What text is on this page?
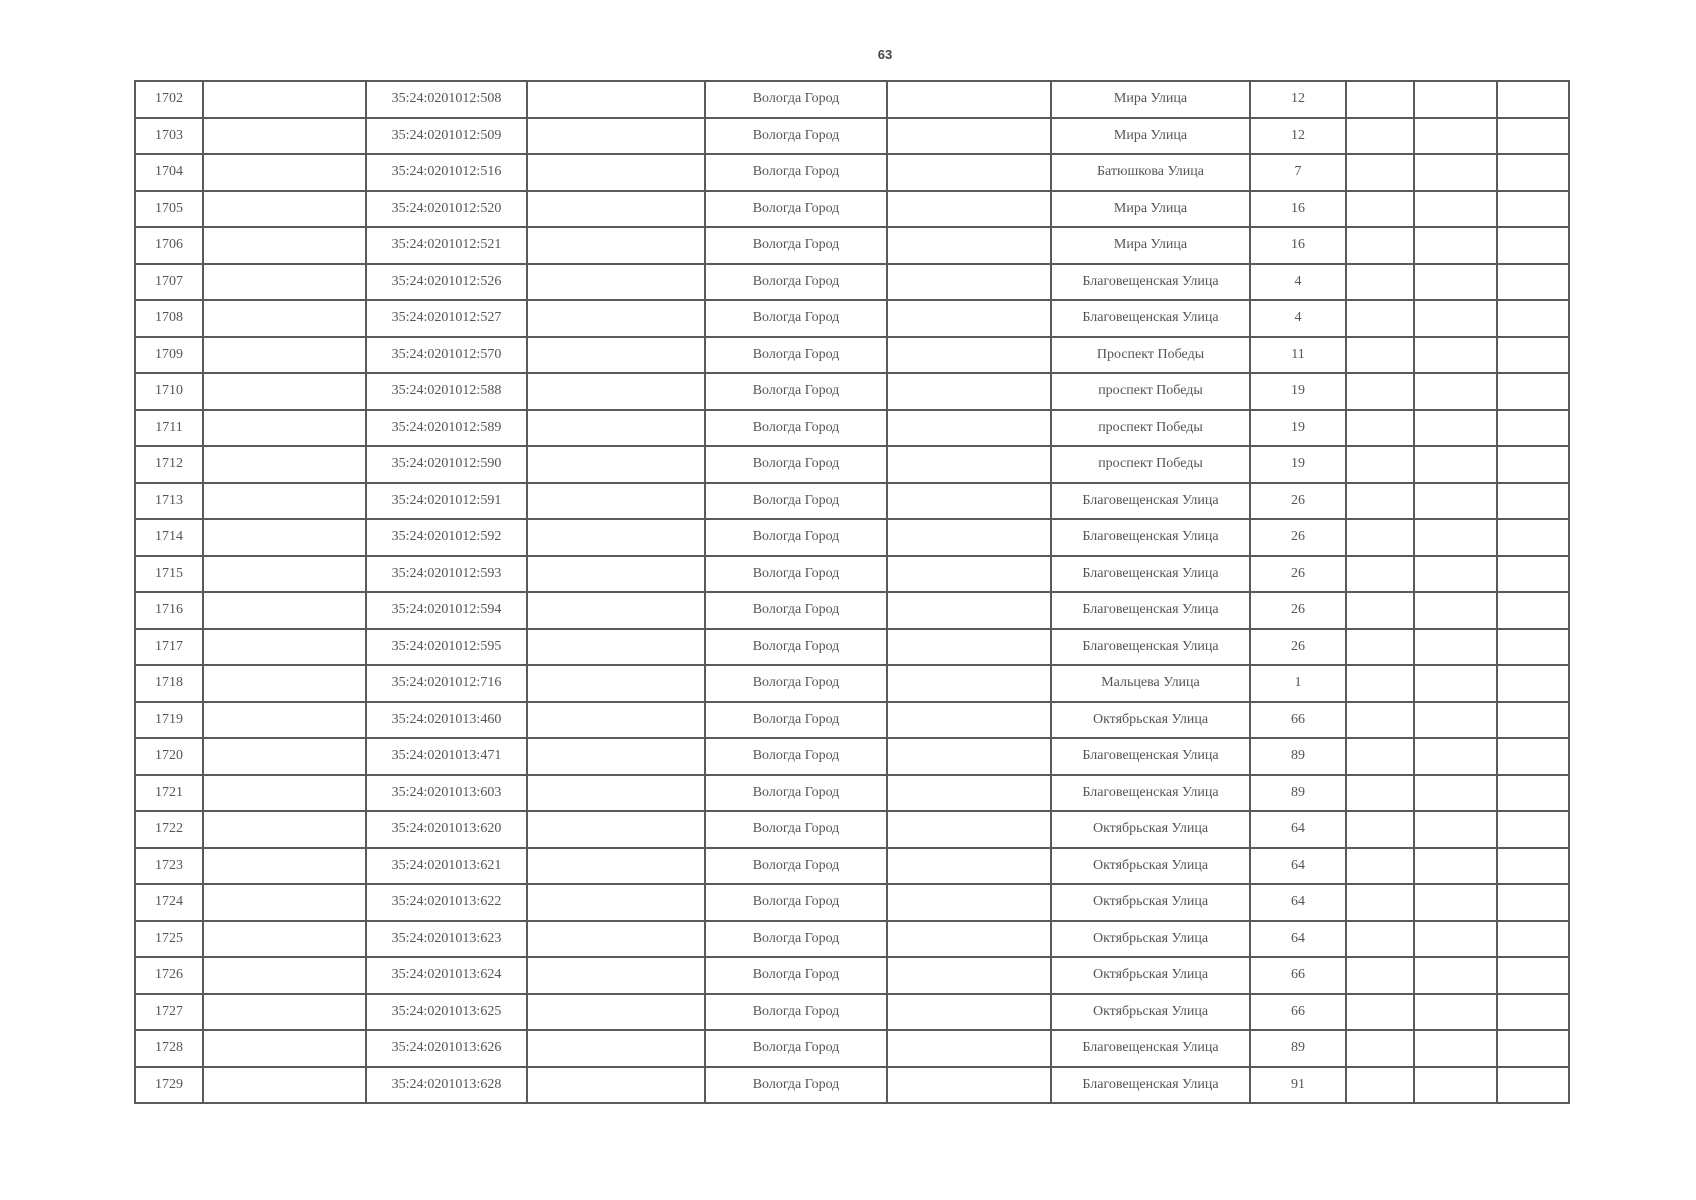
63
1702		35:24:0201012:508		Вологда Город		Мира Улица	12			
1703		35:24:0201012:509		Вологда Город		Мира Улица	12			
1704		35:24:0201012:516		Вологда Город		Батюшкова Улица	7			
1705		35:24:0201012:520		Вологда Город		Мира Улица	16			
1706		35:24:0201012:521		Вологда Город		Мира Улица	16			
1707		35:24:0201012:526		Вологда Город		Благовещенская Улица	4			
1708		35:24:0201012:527		Вологда Город		Благовещенская Улица	4			
1709		35:24:0201012:570		Вологда Город		Проспект Победы	11			
1710		35:24:0201012:588		Вологда Город		проспект Победы	19			
1711		35:24:0201012:589		Вологда Город		проспект Победы	19			
1712		35:24:0201012:590		Вологда Город		проспект Победы	19			
1713		35:24:0201012:591		Вологда Город		Благовещенская Улица	26			
1714		35:24:0201012:592		Вологда Город		Благовещенская Улица	26			
1715		35:24:0201012:593		Вологда Город		Благовещенская Улица	26			
1716		35:24:0201012:594		Вологда Город		Благовещенская Улица	26			
1717		35:24:0201012:595		Вологда Город		Благовещенская Улица	26			
1718		35:24:0201012:716		Вологда Город		Мальцева Улица	1			
1719		35:24:0201013:460		Вологда Город		Октябрьская Улица	66			
1720		35:24:0201013:471		Вологда Город		Благовещенская Улица	89			
1721		35:24:0201013:603		Вологда Город		Благовещенская Улица	89			
1722		35:24:0201013:620		Вологда Город		Октябрьская Улица	64			
1723		35:24:0201013:621		Вологда Город		Октябрьская Улица	64			
1724		35:24:0201013:622		Вологда Город		Октябрьская Улица	64			
1725		35:24:0201013:623		Вологда Город		Октябрьская Улица	64			
1726		35:24:0201013:624		Вологда Город		Октябрьская Улица	66			
1727		35:24:0201013:625		Вологда Город		Октябрьская Улица	66			
1728		35:24:0201013:626		Вологда Город		Благовещенская Улица	89			
1729		35:24:0201013:628		Вологда Город		Благовещенская Улица	91			
